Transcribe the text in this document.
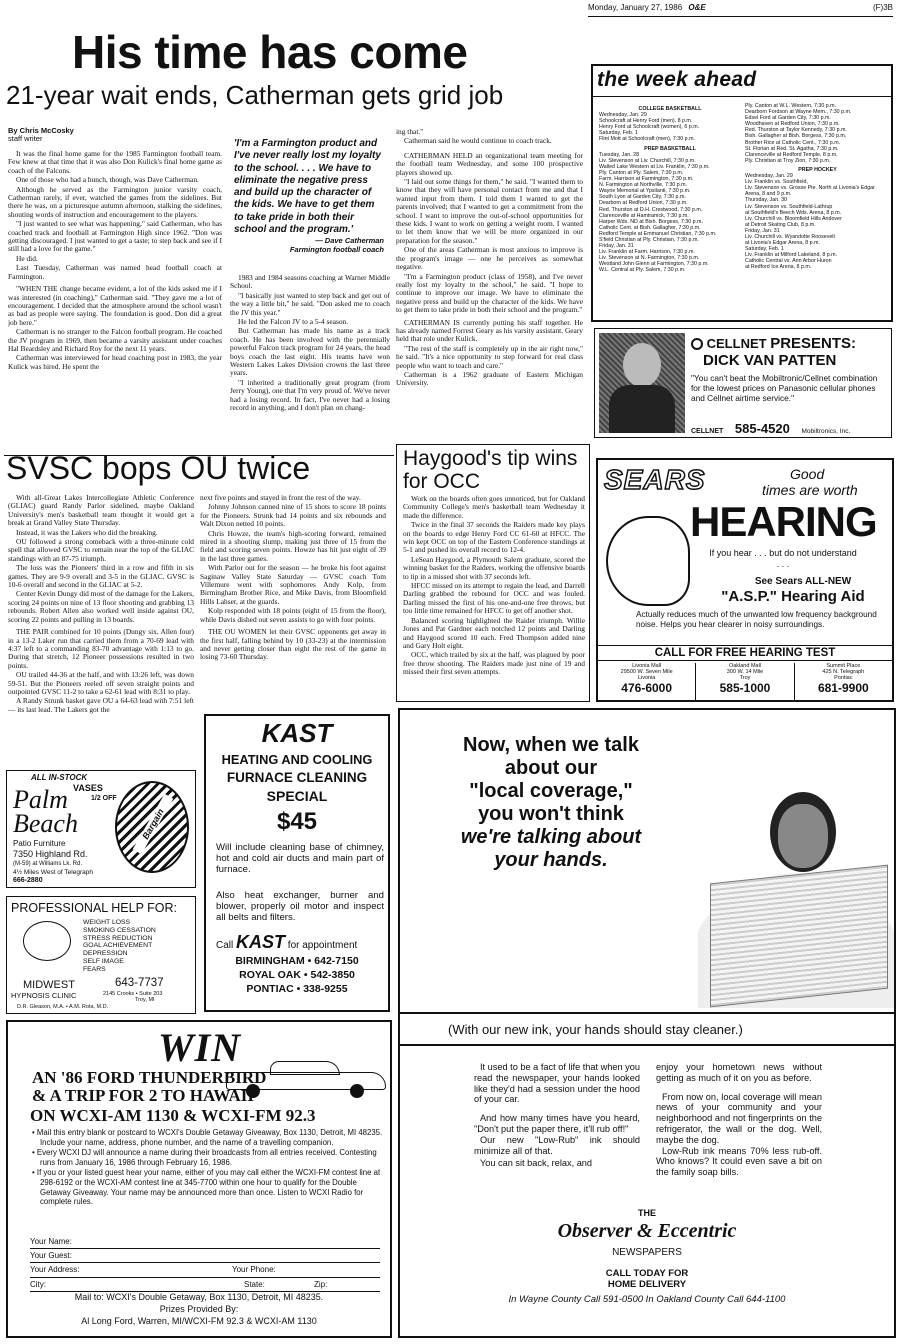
Monday, January 27, 1986 O&E	(F)3B
His time has come
21-year wait ends, Catherman gets grid job
By Chris McCosky
staff writer

It was the final home game for the 1985 Farmington football team. Few knew at that time that it was also Don Kulick's final home game as coach of the Falcons.

One of those who had a hunch, though, was Dave Catherman.

Although he served as the Farmington junior varsity coach, Catherman rarely, if ever, watched the games from the sidelines. But there he was, on a picturesque autumn afternoon, stalking the sidelines, shouting words of instruction and encouragement to the players.

"I just wanted to see what was happening," said Catherman, who has coached track and football at Farmington High since 1962. "Don was getting discouraged. I just wanted to get a taste; to step back and see if I still had a love for the game."

He did.

Last Tuesday, Catherman was named head football coach at Farmington.

"WHEN THE change became evident, a lot of the kids asked me if I was interested (in coaching)," Catherman said. "They gave me a lot of encouragement. I decided that the atmosphere around the school wasn't as bad as people were saying. The foundation is good. Don did a great job here."

Catherman is no stranger to the Falcon football program. He coached the JV program in 1969, then became a varsity assistant under coaches Hal Beardsley and Richard Roy for the next 11 years.

Catherman was interviewed for head coaching post in 1983, the year Kulick was hired. He spent the

'I'm a Farmington product and I've never really lost my loyalty to the school. . . . We have to eliminate the negative press and build up the character of the kids. We have to get them to take pride in both their school and the program.'
— Dave Catherman
Farmington football coach

1983 and 1984 seasons coaching at Warner Middle School.

"I basically just wanted to step back and get out of the way a little bit," he said. "Don asked me to coach the JV this year."

He led the Falcon JV to a 5-4 season.

But Catherman has made his name as a track coach. He has been involved with the perennially powerful Falcon track program for 24 years, the head boys coach the last eight. His teams have won Western Lakes Lakes Division crowns the last three years.

"I inherited a traditionally great program (from Jerry Young), one that I'm very proud of. We've never had a losing record. In fact, I've never had a losing record in anything, and I don't plan on chang-

ing that."

Catherman said he would continue to coach track.

CATHERMAN HELD an organizational team meeting for the football team Wednesday, and some 100 prospective players showed up.

"I laid out some things for them," he said. "I wanted them to know that they will have personal contact from me and that I wanted input from them. I told them I wanted to get the parents involved; that I wanted to get a commitment from the school. I want to improve the out-of-school opportunities for these kids. I want to work on getting a weight room. I wanted to let them know that we will be more organized in our preparation for the season."

One of the areas Catherman is most anxious to improve is the program's image — one he perceives as somewhat negative.

"I'm a Farmington product (class of 1958), and I've never really lost my loyalty to the school," he said. "I hope to continue to improve our image. We have to eliminate the negative press and build up the character of the kids. We have to get them to take pride in both their school and the program."

CATHERMAN IS currently putting his staff together. He has already named Forrest Geary as his varsity assistant. Geary held that role under Kulick.

"The rest of the staff is completely up in the air right now," he said. "It's a nice opportunity to step forward for real class people who want to teach and care."

Catherman is a 1962 graduate of Eastern Michigan University.

the week ahead
COLLEGE BASKETBALL
Wednesday, Jan. 29
Schoolcraft at Henry Ford (men), 8 p.m.
Henry Ford at Schoolcraft (women), 6 p.m.
Saturday, Feb. 1
Flint Mott at Schoolcraft (men), 7:30 p.m.
PREP BASKETBALL
Tuesday, Jan. 28
Liv. Stevenson at Liv. Churchill, 7:30 p.m.
Walled Lake Western at Liv. Franklin, 7:30 p.m.
Ply. Canton at Ply. Salem, 7:30 p.m.
Farm. Harrison at Farmington, 7:30 p.m.
N. Farmington at Northville, 7:30 p.m.
Wayne Memorial at Ypsilanti, 7:30 p.m.
South Lyon at Garden City, 7:30 p.m.
Dearborn at Redford Union, 7:30 p.m.
Red. Thurston at D.H. Crestwood, 7:30 p.m.
Clarenceville at Hamtramck, 7:30 p.m.
Harper Wds. ND at Bish. Borgess, 7:30 p.m.
Catholic Cent. at Bish. Gallagher, 7:30 p.m.
Redford Temple at Emmanuel Christian, 7:30 p.m.
S'field Christian at Ply. Christian, 7:30 p.m.
Friday, Jan. 31
Liv. Franklin at Farm. Harrison, 7:30 p.m.
Liv. Stevenson at N. Farmington, 7:30 p.m.
Westland John Glenn at Farmington, 7:30 p.m.
W.L. Central at Ply. Salem, 7:30 p.m.
Ply. Canton at W.L. Western, 7:30 p.m.
Dearborn Fordson at Wayne Mem., 7:30 p.m.
Edsel Ford at Garden City, 7:30 p.m.
Woodhaven at Redford Union, 7:30 p.m.
Red. Thurston at Taylor Kennedy, 7:30 p.m.
Bish. Gallagher at Bish. Borgess, 7:30 p.m.
Brother Rice at Catholic Cent., 7:30 p.m.
St. Florian at Red. St. Agatha, 7:30 p.m.
Clarenceville at Redford Temple, 8 p.m.
Ply. Christian at Troy Zion, 7:30 p.m.
PREP HOCKEY
Wednesday, Jan. 29
Liv. Franklin vs. Southfield,
Liv. Stevenson vs. Grosse Pte. North at Livonia's Edgar Arena, 8 and 9 p.m.
Thursday, Jan. 30
Liv. Stevenson vs. Southfield-Lathrup
at Southfield's Beech Wds. Arena, 8 p.m.
Liv. Churchill vs. Bloomfield Hills Andover
at Detroit Skating Club, 8 p.m.
Friday, Jan. 31
Liv. Churchill vs. Wyandotte Roosevelt
at Livonia's Edgar Arena, 8 p.m.
Saturday, Feb. 1
Liv. Franklin at Milford Lakeland, 8 p.m.
Catholic Central vs. Ann Arbor Huron
at Redford Ice Arena, 8 p.m.
CELLNET PRESENTS:
DICK VAN PATTEN
"You can't beat the Mobiltronic/Cellnet combination for the lowest prices on Panasonic cellular phones and Cellnet airtime service."
CELLNET 585-4520 Mobiltronics, Inc.
SVSC bops OU twice

With all-Great Lakes Intercollegiate Athletic Conference (GLIAC) guard Randy Parlor sidelined, maybe Oakland University's men's basketball team thought it would get a break at Grand Valley State Thursday.

Instead, it was the Lakers who did the breaking.

OU followed a strong comeback with a three-minute cold spell that allowed GVSC to remain near the top of the GLIAC standings with an 87-75 triumph.

The loss was the Pioneers' third in a row and fifth in six games. They are 9-9 overall and 3-5 in the GLIAC. GVSC is 10-6 overall and second in the GLIAC at 5-2.

Center Kevin Dungy did most of the damage for the Lakers, scoring 24 points on nine of 13 floor shooting and grabbing 13 rebounds. Robert Allen also worked well inside against OU, scoring 22 points and pulling in 13 boards.

THE PAIR combined for 10 points (Dungy six, Allen four) in a 13-2 Laker run that carried them from a 70-69 lead with 4:37 left to a commanding 83-70 advantage with 1:13 to go. During that stretch, 12 Pioneer possessions resulted in two points.

OU trailed 44-36 at the half, and with 13:26 left, was down 59-51. But the Pioneers reeled off seven straight points and outpointed GVSC 11-2 to take a 62-61 lead with 8:31 to play.

A Randy Strunk basket gave OU a 64-63 lead with 7:51 left — its last lead. The Lakers got the

next five points and stayed in front the rest of the way.

Johnny Johnson canned nine of 15 shots to score 18 points for the Pioneers. Strunk had 14 points and six rebounds and Walt Dixon netted 10 points.

Chris Howze, the team's high-scoring forward, remained mired in a shooting slump, making just three of 15 from the field and scoring seven points. Howze has hit just eight of 39 in the last three games.

With Parlor out for the season — he broke his foot against Saginaw Valley State Saturday — GVSC coach Tom Villemure went with sophomores Andy Kolp, from Birmingham Brother Rice, and Mike Davis, from Bloomfield Hills Lahser, at the guards.

Kolp responded with 18 points (eight of 15 from the floor), while Davis dished out seven assists to go with four points.

THE OU WOMEN let their GVSC opponents get away in the first half, falling behind by 10 (33-23) at the intermission and never getting closer than eight the rest of the game in losing 73-60 Thursday.

Haygood's tip wins for OCC

Work on the boards often goes unnoticed, but for Oakland Community College's men's basketball team Wednesday it made the difference.

Twice in the final 37 seconds the Raiders made key plays on the boards to edge Henry Ford CC 61-60 at HFCC. The win kept OCC on top of the Eastern Conference standings at 5-1 and pushed its overall record to 12-4.

LeSean Haygood, a Plymouth Salem graduate, scored the winning basket for the Raiders, working the offensive boards to tip in a missed shot with 37 seconds left.

HFCC missed on its attempt to regain the lead, and Darrell Darling grabbed the rebound for OCC and was fouled. Darling missed the first of his one-and-one free throws, but too little time remained for HFCC to get off another shot.

Balanced scoring highlighted the Raider triumph. Willie Jones and Pat Gardner each notched 12 points and Darling and Haygood scored 10 each. Fred Thompson added nine and Gary Holt eight.

OCC, which trailed by six at the half, was plagued by poor free throw shooting. The Raiders made just nine of 19 and missed their first seven attempts.

SEARS	Good
times are worth
HEARING
If you hear . . . but do not understand . . .
See Sears ALL-NEW
"A.S.P." Hearing Aid
Actually reduces much of the unwanted low frequency background noise. Helps you hear clearer in noisy surroundings.
CALL FOR FREE HEARING TEST
Livonia Mall
29500 W. Seven Mile
Livonia
476-6000
Oakland Mall
300 W. 14 Mile
Troy
585-1000
Summit Place
425 N. Telegraph
Pontiac
681-9900
KAST
HEATING AND COOLING
FURNACE CLEANING
SPECIAL
$45
Will include cleaning base of chimney, hot and cold air ducts and main part of furnace.
Also heat exchanger, burner and blower, properly oil motor and inspect all belts and filters.
Call KAST for appointment
BIRMINGHAM • 642-7150
ROYAL OAK • 542-3850
PONTIAC • 338-9255
ALL IN-STOCK
VASES
1/2 OFF
Palm
Beach
Patio Furniture
7350 Highland Rd.
(M-59) at Williams Lk. Rd.
4½ Miles West of Telegraph
666-2880
Bargain
PROFESSIONAL HELP FOR:
WEIGHT LOSS
SMOKING CESSATION
STRESS REDUCTION
GOAL ACHIEVEMENT
DEPRESSION
SELF IMAGE
FEARS
MIDWEST
HYPNOSIS CLINIC
643-7737
2145 Crooks • Suite 203
Troy, MI
D.R. Gleason, M.A. • A.M. Rota, M.D.
WIN
AN '86 FORD THUNDERBIRD
& A TRIP FOR 2 TO HAWAII
ON WCXI-AM 1130 & WCXI-FM 92.3
• Mail this entry blank or postcard to WCXI's Double Getaway Giveaway, Box 1130, Detroit, MI 48235. Include your name, address, phone number, and the name of a travelling companion.
• Every WCXI DJ will announce a name during their broadcasts from all entries received. Contesting runs from January 16, 1986 through February 16, 1986.
• If you or your listed guest hear your name, either of you may call either the WCXI-FM contest line at 298-6192 or the WCXI-AM contest line at 345-7700 within one hour to qualify for the Double Getaway Giveaway. Your name may be announced more than once. Listen to WCXI Radio for complete rules.
Your Name:
Your Guest:
Your Address:	Your Phone:
City:	State:	Zip:
Mail to: WCXI's Double Getaway, Box 1130, Detroit, MI 48235.
Prizes Provided By:
Al Long Ford, Warren, MI/WCXI-FM 92.3 & WCXI-AM 1130
Now, when we talk
about our
"local coverage,"
you won't think
we're talking about
your hands.
(With our new ink, your hands should stay cleaner.)

It used to be a fact of life that when you read the newspaper, your hands looked like they'd had a session under the hood of your car.

And how many times have you heard, "Don't put the paper there, it'll rub off!"

Our new "Low-Rub" ink should minimize all of that.

You can sit back, relax, and

enjoy your hometown news without getting as much of it on you as before.

From now on, local coverage will mean news of your community and your neighborhood and not fingerprints on the refrigerator, the wall or the dog. Well, maybe the dog.

Low-Rub ink means 70% less rub-off. Who knows? It could even save a bit on the family soap bills.

THE
Observer & Eccentric
NEWSPAPERS
CALL TODAY FOR
HOME DELIVERY
In Wayne County Call 591-0500 In Oakland County Call 644-1100
